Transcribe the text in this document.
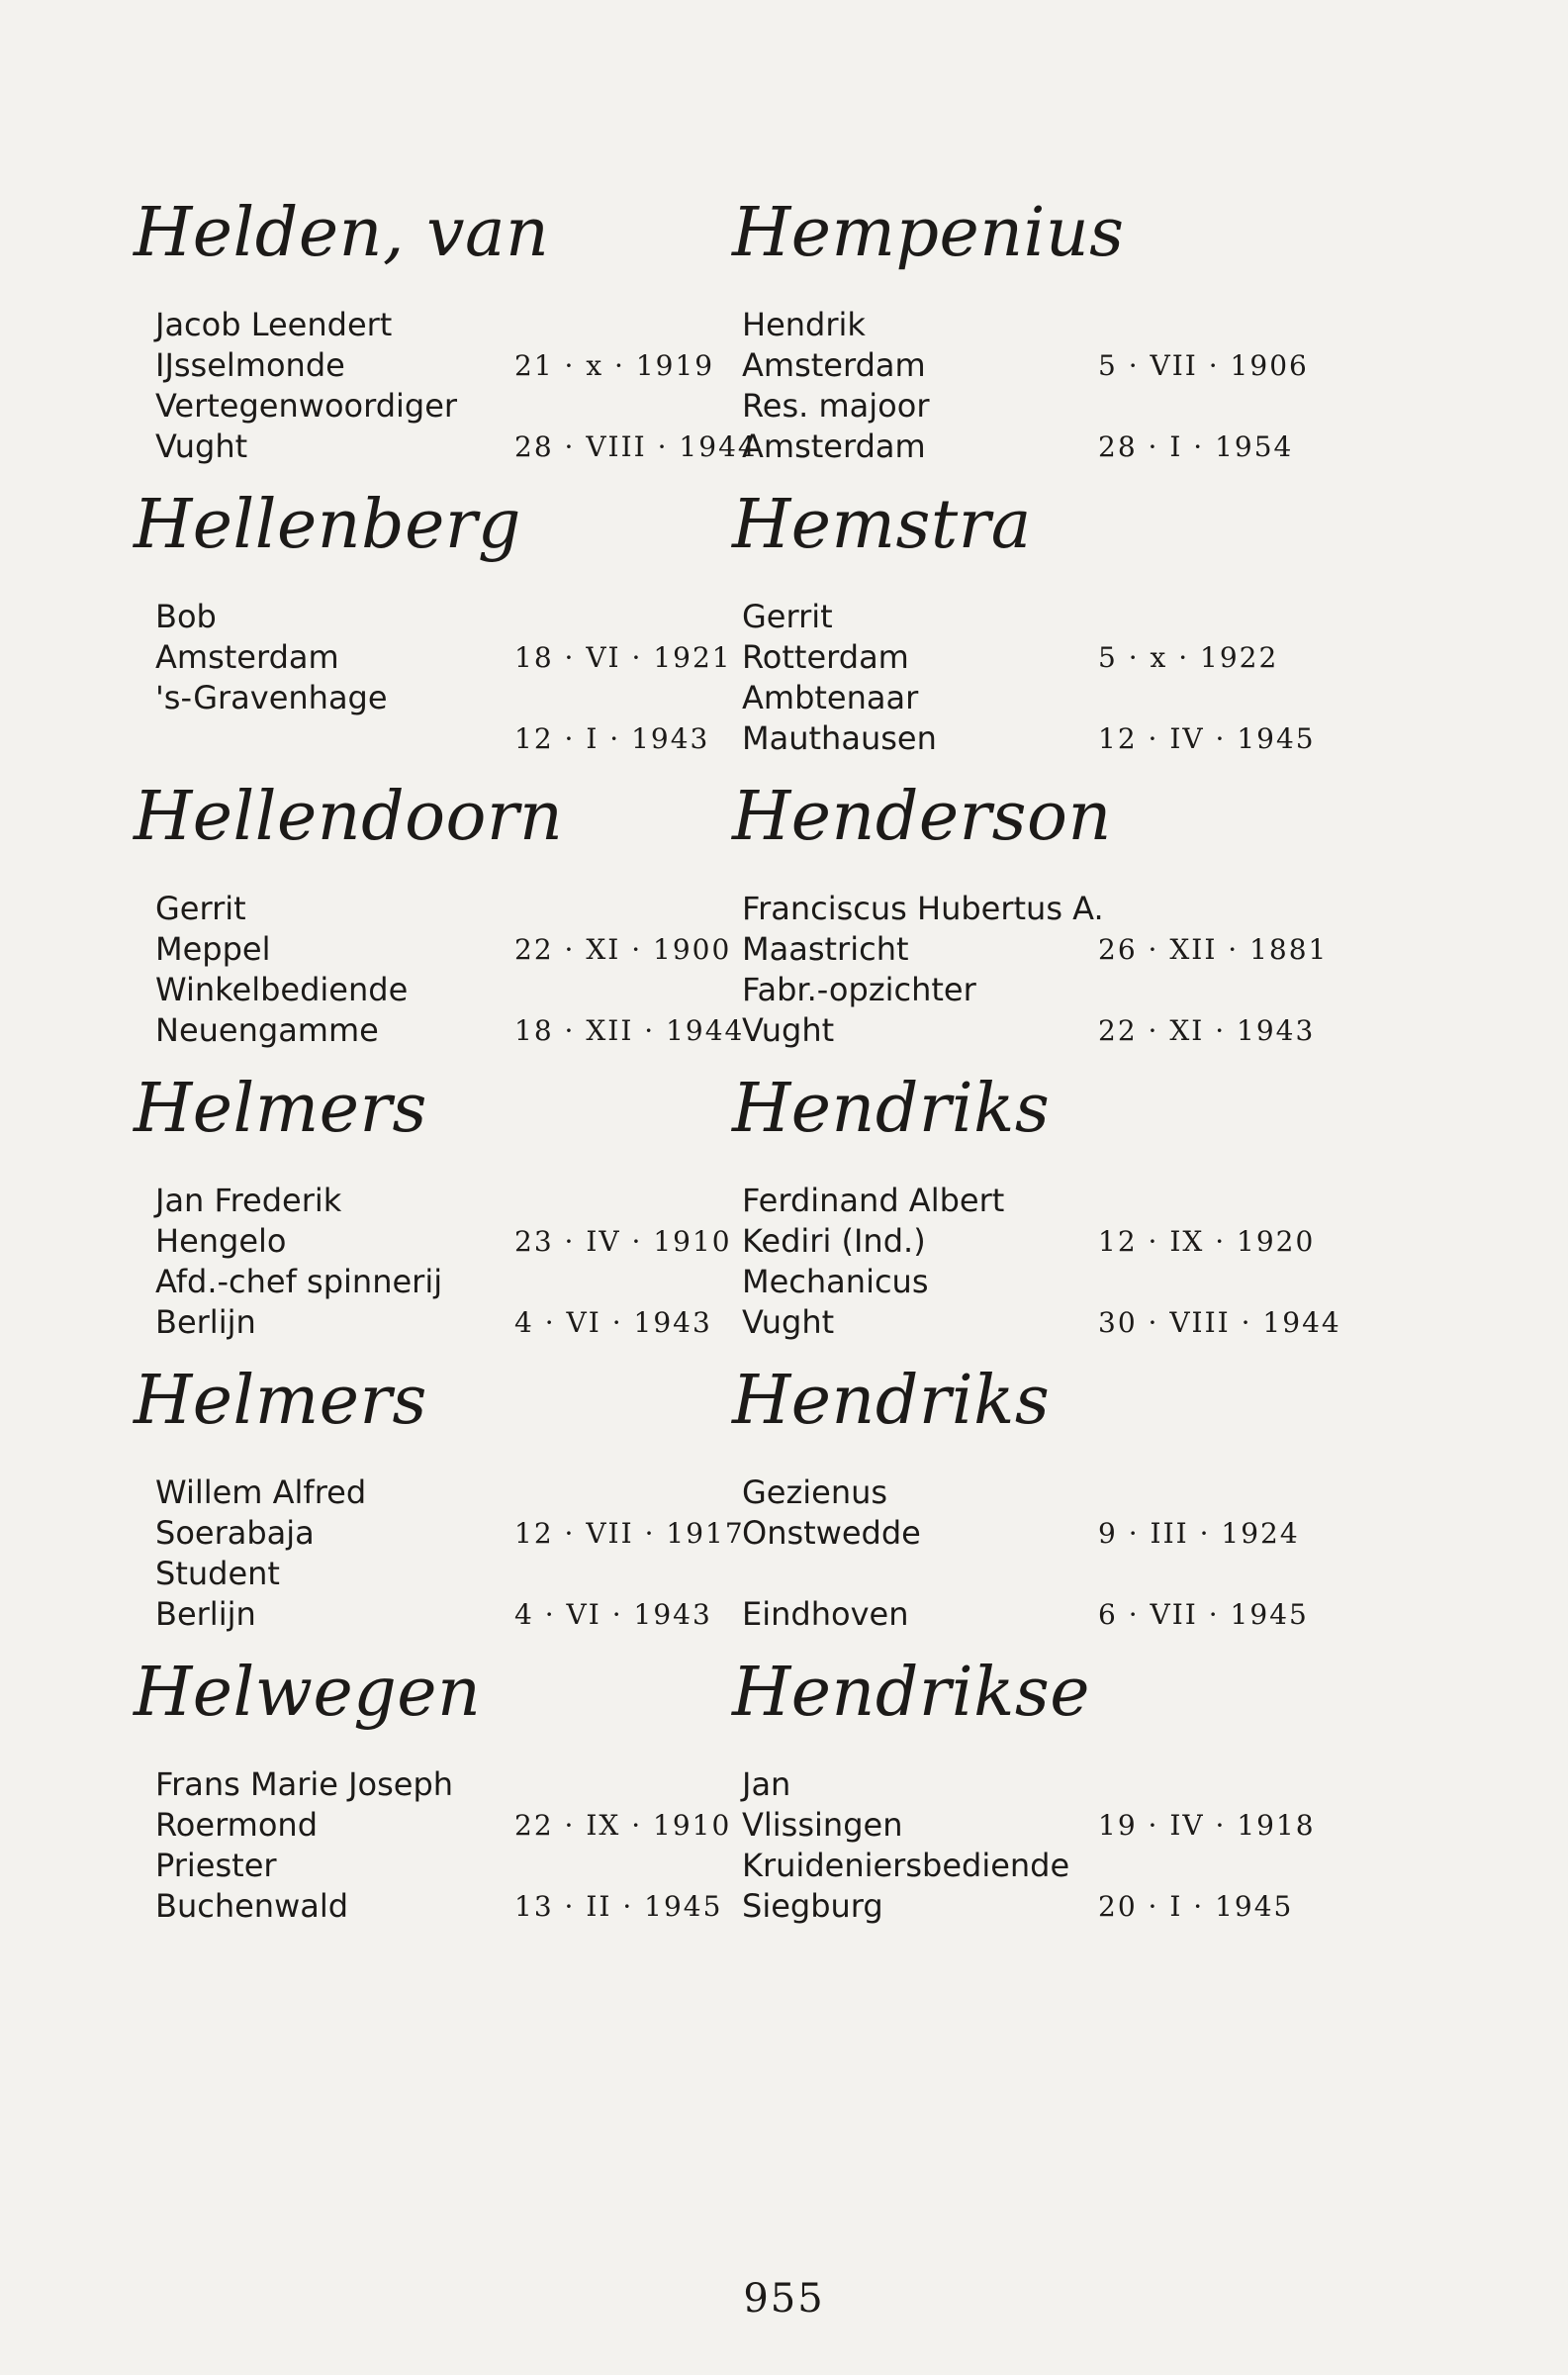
Helden, van
Jacob Leendert
IJsselmonde	21 · x · 1919
Vertegenwoordiger
Vught	28 · VIII · 1944
Hellenberg
Bob
Amsterdam	18 · VI · 1921
's-Gravenhage
12 · I · 1943
Hellendoorn
Gerrit
Meppel	22 · XI · 1900
Winkelbediende
Neuengamme	18 · XII · 1944
Helmers
Jan Frederik
Hengelo	23 · IV · 1910
Afd.-chef spinnerij
Berlijn	4 · VI · 1943
Helmers
Willem Alfred
Soerabaja	12 · VII · 1917
Student
Berlijn	4 · VI · 1943
Helwegen
Frans Marie Joseph
Roermond	22 · IX · 1910
Priester
Buchenwald	13 · II · 1945
Hempenius
Hendrik
Amsterdam	5 · VII · 1906
Res. majoor
Amsterdam	28 · I · 1954
Hemstra
Gerrit
Rotterdam	5 · x · 1922
Ambtenaar
Mauthausen	12 · IV · 1945
Henderson
Franciscus Hubertus A.
Maastricht	26 · XII · 1881
Fabr.-opzichter
Vught	22 · XI · 1943
Hendriks
Ferdinand Albert
Kediri (Ind.)	12 · IX · 1920
Mechanicus
Vught	30 · VIII · 1944
Hendriks
Gezienus
Onstwedde	9 · III · 1924
Eindhoven	6 · VII · 1945
Hendrikse
Jan
Vlissingen	19 · IV · 1918
Kruideniersbediende
Siegburg	20 · I · 1945
955
